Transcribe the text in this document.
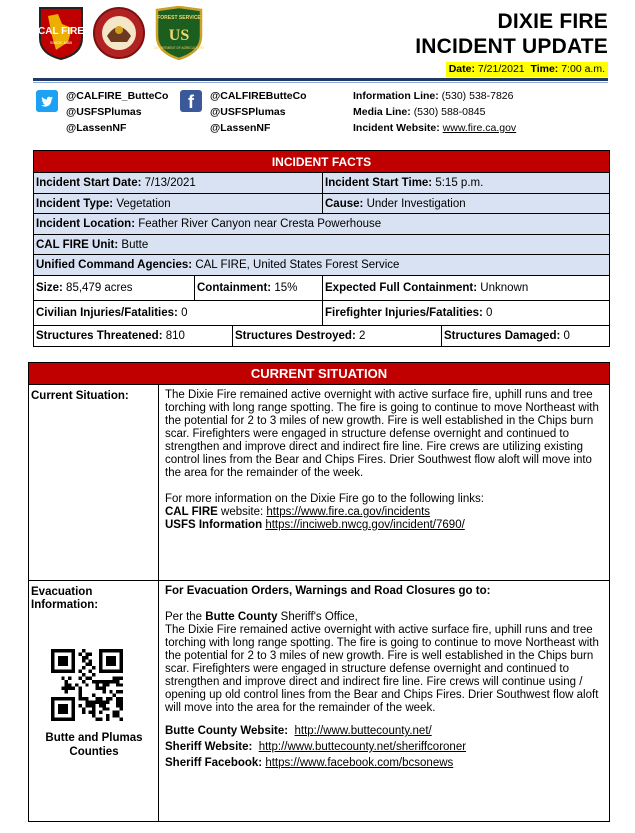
CAL FIRE
SINCE 1885
FOREST SERVICE
US
DEPARTMENT OF AGRICULTURE
DIXIE FIRE
INCIDENT UPDATE
Date: 7/21/2021 Time: 7:00 a.m.
@CALFIRE_ButteCo
@USFSPlumas
@LassenNF
f	@CALFIREButteCo
@USFSPlumas
@LassenNF
Information Line: (530) 538-7826
Media Line: (530) 588-0845
Incident Website: www.fire.ca.gov
INCIDENT FACTS
Incident Start Date: 7/13/2021	Incident Start Time: 5:15 p.m.
Incident Type: Vegetation	Cause: Under Investigation
Incident Location: Feather River Canyon near Cresta Powerhouse
CAL FIRE Unit: Butte
Unified Command Agencies: CAL FIRE, United States Forest Service
Size: 85,479 acres	Containment: 15%	Expected Full Containment: Unknown
Civilian Injuries/Fatalities: 0	Firefighter Injuries/Fatalities: 0
Structures Threatened: 810	Structures Destroyed: 2	Structures Damaged: 0
CURRENT SITUATION
Current Situation:	The Dixie Fire remained active overnight with active surface fire, uphill runs and tree torching with long range spotting. The fire is going to continue to move Northeast with the potential for 2 to 3 miles of new growth. Fire is well established in the Chips burn scar. Firefighters were engaged in structure defense overnight and continued to strengthen and improve direct and indirect fire line. Fire crews are utilizing existing control lines from the Bear and Chips Fires. Drier Southwest flow aloft will move into the area for the remainder of the week.

For more information on the Dixie Fire go to the following links:
CAL FIRE website: https://www.fire.ca.gov/incidents
USFS Information https://inciweb.nwcg.gov/incident/7690/
Evacuation Information:
Butte and Plumas Counties

For Evacuation Orders, Warnings and Road Closures go to:

Per the Butte County Sheriff's Office,

The Dixie Fire remained active overnight with active surface fire, uphill runs and tree torching with long range spotting. The fire is going to continue to move Northeast with the potential for 2 to 3 miles of new growth. Fire is well established in the Chips burn scar. Firefighters were engaged in structure defense overnight and continued to strengthen and improve direct and indirect fire line. Fire crews will continue using / opening up old control lines from the Bear and Chips Fires. Drier Southwest flow aloft will move into the area for the remainder of the week.

Butte County Website: http://www.buttecounty.net/
Sheriff Website: http://www.buttecounty.net/sheriffcoroner
Sheriff Facebook: https://www.facebook.com/bcsonews
